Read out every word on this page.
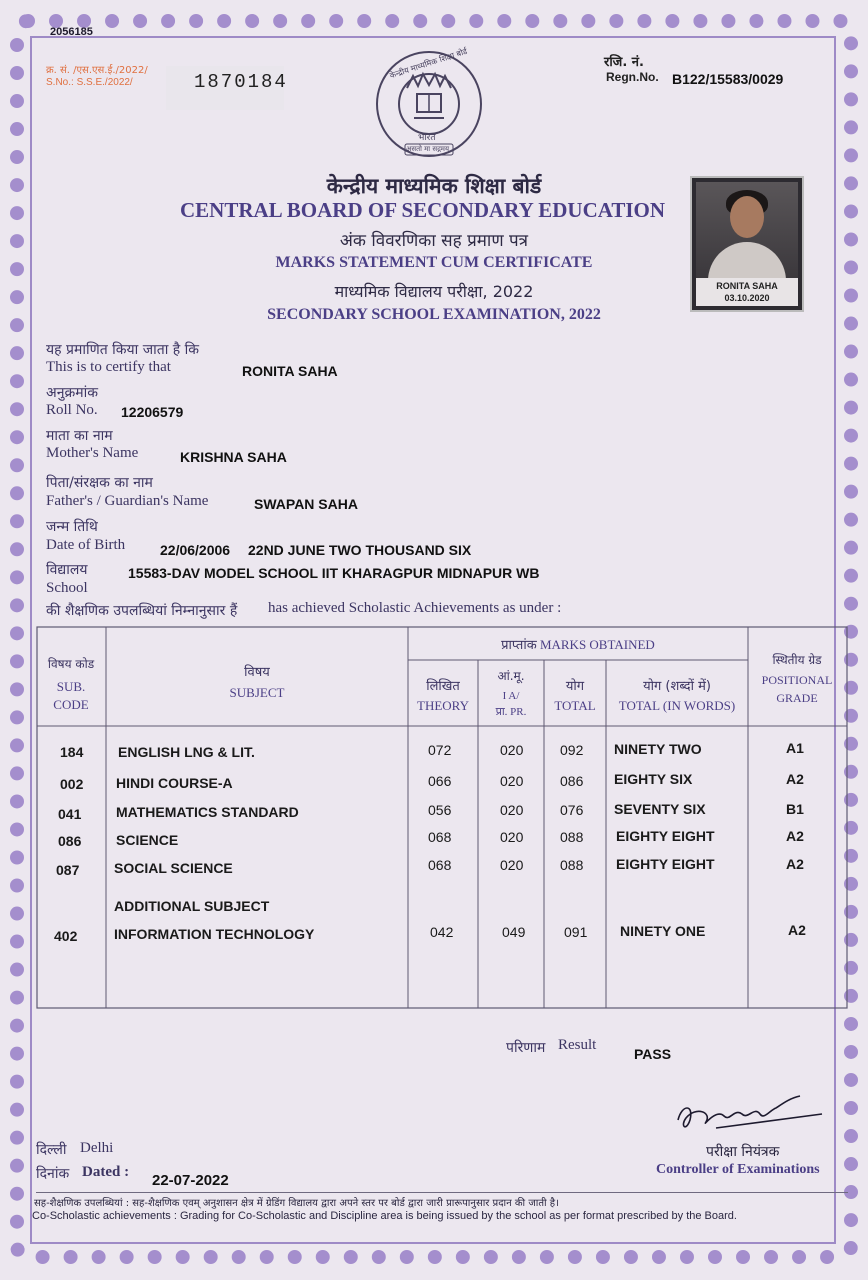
2056185
क्र. सं. /एस.एस.ई./2022/
S.No.: S.S.E./2022/	1870184
रजि. नं.
Regn.No. B122/15583/0029
केन्द्रीय माध्यमिक शिक्षा बोर्ड
भारत
असतो मा सद्गमय
केन्द्रीय माध्यमिक शिक्षा बोर्ड
CENTRAL BOARD OF SECONDARY EDUCATION
अंक विवरणिका सह प्रमाण पत्र
MARKS STATEMENT CUM CERTIFICATE
माध्यमिक विद्यालय परीक्षा, 2022
SECONDARY SCHOOL EXAMINATION, 2022
RONITA SAHA
03.10.2020
यह प्रमाणित किया जाता है कि
This is to certify that	RONITA SAHA
अनुक्रमांक
Roll No. 12206579
माता का नाम
Mother's Name	KRISHNA SAHA
पिता/संरक्षक का नाम
Father's / Guardian's Name	SWAPAN SAHA
जन्म तिथि
Date of Birth 22/06/2006 22ND JUNE TWO THOUSAND SIX
विद्यालय	15583-DAV MODEL SCHOOL IIT KHARAGPUR MIDNAPUR WB
School
की शैक्षणिक उपलब्धियां निम्नानुसार हैं has achieved Scholastic Achievements as under :
विषय कोड
SUB.
CODE
विषय
SUBJECT
प्राप्तांक MARKS OBTAINED
लिखित
THEORY
आं.मू.
I A/
प्रा. PR.
योग
TOTAL
योग (शब्दों में)
TOTAL (IN WORDS)
स्थितीय ग्रेड
POSITIONAL
GRADE
184 ENGLISH LNG & LIT.	072	020	092 NINETY TWO	A1
002 HINDI COURSE-A	066	020	086 EIGHTY SIX	A2
041 MATHEMATICS STANDARD	056	020	076 SEVENTY SIX	B1
086 SCIENCE	068	020	088 EIGHTY EIGHT	A2
087 SOCIAL SCIENCE	068	020	088 EIGHTY EIGHT	A2
ADDITIONAL SUBJECT
402	INFORMATION TECHNOLOGY	042	049	091 NINETY ONE	A2
परिणाम Result
PASS
दिल्ली Delhi
दिनांक Dated : 22-07-2022
परीक्षा नियंत्रक
Controller of Examinations
सह-शैक्षणिक उपलब्धियां : सह-शैक्षणिक एवम् अनुशासन क्षेत्र में ग्रेडिंग विद्यालय द्वारा अपने स्तर पर बोर्ड द्वारा जारी प्रारूपानुसार प्रदान की जाती है।
Co-Scholastic achievements : Grading for Co-Scholastic and Discipline area is being issued by the school as per format prescribed by the Board.
